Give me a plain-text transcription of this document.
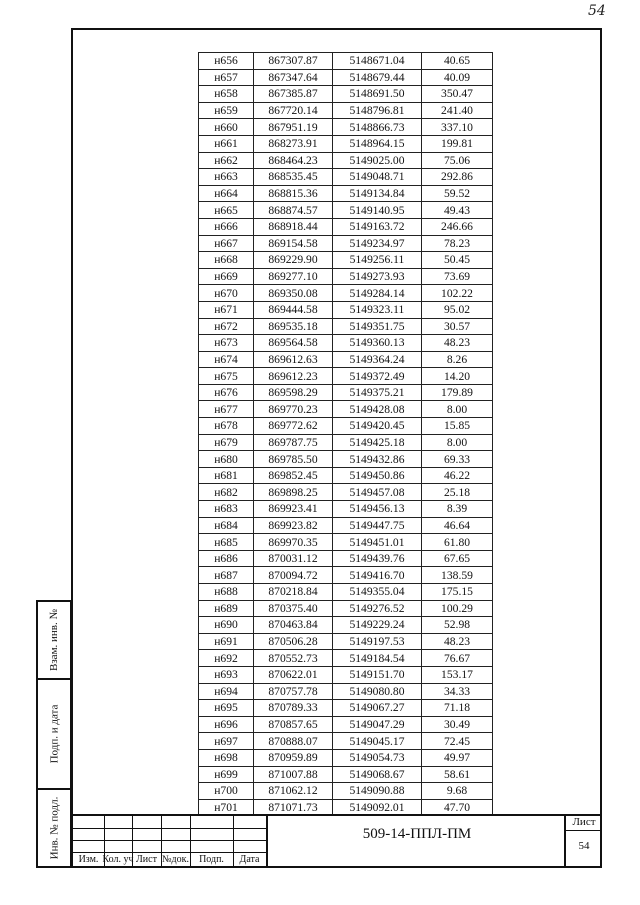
54
Взам. инв. №
Подп. и дата
Инв. № подл.
н656	867307.87	5148671.04	40.65
н657	867347.64	5148679.44	40.09
н658	867385.87	5148691.50	350.47
н659	867720.14	5148796.81	241.40
н660	867951.19	5148866.73	337.10
н661	868273.91	5148964.15	199.81
н662	868464.23	5149025.00	75.06
н663	868535.45	5149048.71	292.86
н664	868815.36	5149134.84	59.52
н665	868874.57	5149140.95	49.43
н666	868918.44	5149163.72	246.66
н667	869154.58	5149234.97	78.23
н668	869229.90	5149256.11	50.45
н669	869277.10	5149273.93	73.69
н670	869350.08	5149284.14	102.22
н671	869444.58	5149323.11	95.02
н672	869535.18	5149351.75	30.57
н673	869564.58	5149360.13	48.23
н674	869612.63	5149364.24	8.26
н675	869612.23	5149372.49	14.20
н676	869598.29	5149375.21	179.89
н677	869770.23	5149428.08	8.00
н678	869772.62	5149420.45	15.85
н679	869787.75	5149425.18	8.00
н680	869785.50	5149432.86	69.33
н681	869852.45	5149450.86	46.22
н682	869898.25	5149457.08	25.18
н683	869923.41	5149456.13	8.39
н684	869923.82	5149447.75	46.64
н685	869970.35	5149451.01	61.80
н686	870031.12	5149439.76	67.65
н687	870094.72	5149416.70	138.59
н688	870218.84	5149355.04	175.15
н689	870375.40	5149276.52	100.29
н690	870463.84	5149229.24	52.98
н691	870506.28	5149197.53	48.23
н692	870552.73	5149184.54	76.67
н693	870622.01	5149151.70	153.17
н694	870757.78	5149080.80	34.33
н695	870789.33	5149067.27	71.18
н696	870857.65	5149047.29	30.49
н697	870888.07	5149045.17	72.45
н698	870959.89	5149054.73	49.97
н699	871007.88	5149068.67	58.61
н700	871062.12	5149090.88	9.68
н701	871071.73	5149092.01	47.70
Изм. Кол. уч Лист №док.	Подп.	Дата
509-14-ППЛ-ПМ
Лист
54
